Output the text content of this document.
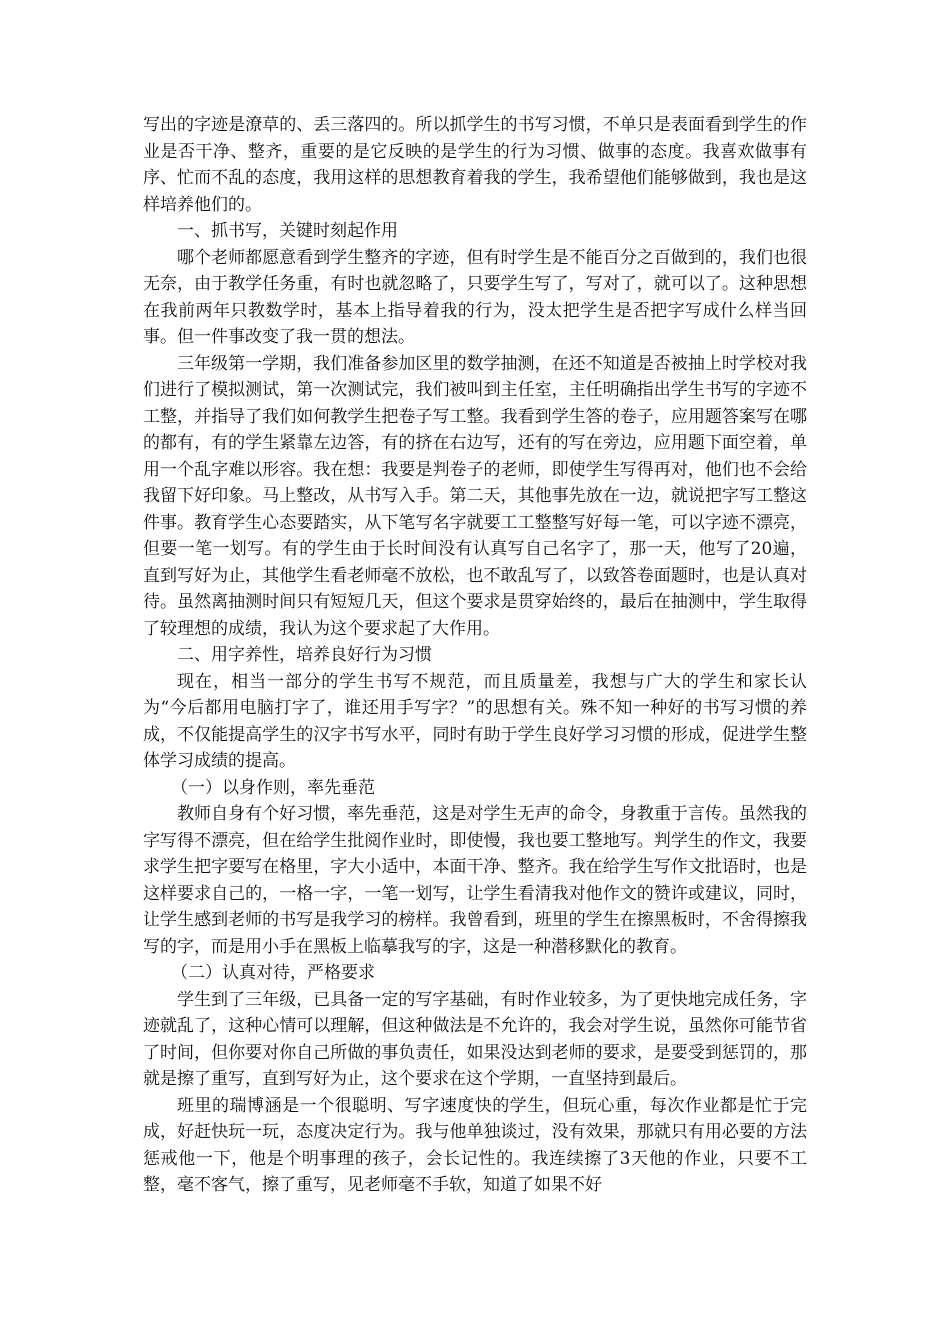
写出的字迹是潦草的、丢三落四的。所以抓学生的书写习惯，不单只是表面看到学生的作业是否干净、整齐，重要的是它反映的是学生的行为习惯、做事的态度。我喜欢做事有序、忙而不乱的态度，我用这样的思想教育着我的学生，我希望他们能够做到，我也是这样培养他们的。

一、抓书写，关键时刻起作用

哪个老师都愿意看到学生整齐的字迹，但有时学生是不能百分之百做到的，我们也很无奈，由于教学任务重，有时也就忽略了，只要学生写了，写对了，就可以了。这种思想在我前两年只教数学时，基本上指导着我的行为，没太把学生是否把字写成什么样当回事。但一件事改变了我一贯的想法。

三年级第一学期，我们准备参加区里的数学抽测，在还不知道是否被抽上时学校对我们进行了模拟测试，第一次测试完，我们被叫到主任室，主任明确指出学生书写的字迹不工整，并指导了我们如何教学生把卷子写工整。我看到学生答的卷子，应用题答案写在哪的都有，有的学生紧靠左边答，有的挤在右边写，还有的写在旁边，应用题下面空着，单用一个乱字难以形容。我在想：我要是判卷子的老师，即使学生写得再对，他们也不会给我留下好印象。马上整改，从书写入手。第二天，其他事先放在一边，就说把字写工整这件事。教育学生心态要踏实，从下笔写名字就要工工整整写好每一笔，可以字迹不漂亮，但要一笔一划写。有的学生由于长时间没有认真写自己名字了，那一天，他写了20遍，直到写好为止，其他学生看老师毫不放松，也不敢乱写了，以致答卷面题时，也是认真对待。虽然离抽测时间只有短短几天，但这个要求是贯穿始终的，最后在抽测中，学生取得了较理想的成绩，我认为这个要求起了大作用。

二、用字养性，培养良好行为习惯

现在，相当一部分的学生书写不规范，而且质量差，我想与广大的学生和家长认为“今后都用电脑打字了，谁还用手写字？”的思想有关。殊不知一种好的书写习惯的养成，不仅能提高学生的汉字书写水平，同时有助于学生良好学习习惯的形成，促进学生整体学习成绩的提高。

（一）以身作则，率先垂范

教师自身有个好习惯，率先垂范，这是对学生无声的命令，身教重于言传。虽然我的字写得不漂亮，但在给学生批阅作业时，即使慢，我也要工整地写。判学生的作文，我要求学生把字要写在格里，字大小适中，本面干净、整齐。我在给学生写作文批语时，也是这样要求自己的，一格一字，一笔一划写，让学生看清我对他作文的赞许或建议，同时，让学生感到老师的书写是我学习的榜样。我曾看到，班里的学生在擦黑板时，不舍得擦我写的字，而是用小手在黑板上临摹我写的字，这是一种潜移默化的教育。

（二）认真对待，严格要求

学生到了三年级，已具备一定的写字基础，有时作业较多，为了更快地完成任务，字迹就乱了，这种心情可以理解，但这种做法是不允许的，我会对学生说，虽然你可能节省了时间，但你要对你自己所做的事负责任，如果没达到老师的要求，是要受到惩罚的，那就是擦了重写，直到写好为止，这个要求在这个学期，一直坚持到最后。

班里的瑞博涵是一个很聪明、写字速度快的学生，但玩心重，每次作业都是忙于完成，好赶快玩一玩，态度决定行为。我与他单独谈过，没有效果，那就只有用必要的方法惩戒他一下，他是个明事理的孩子，会长记性的。我连续擦了3天他的作业，只要不工整，毫不客气，擦了重写，见老师毫不手软，知道了如果不好
